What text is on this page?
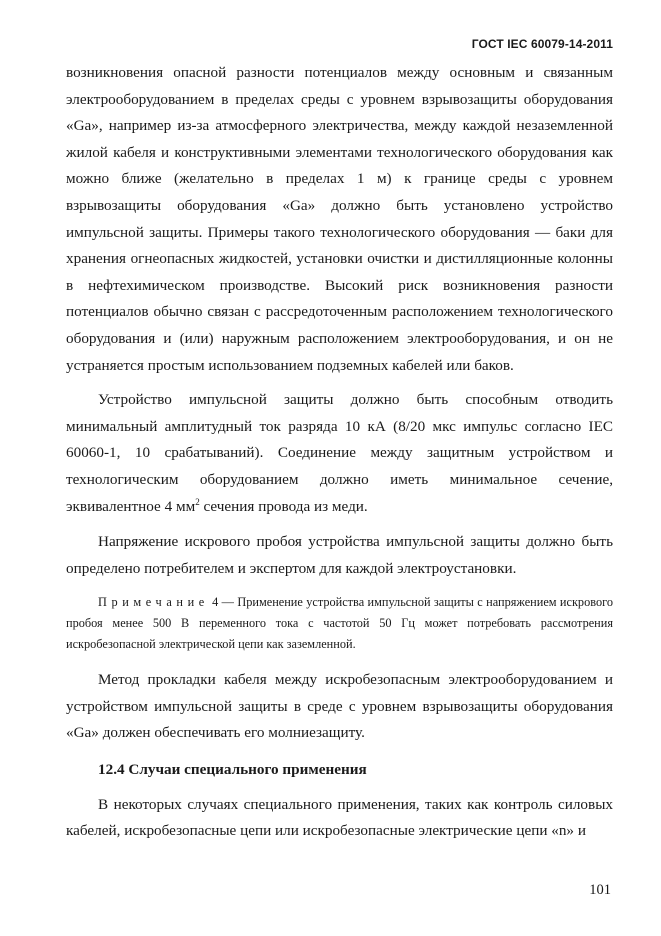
ГОСТ IEC 60079-14-2011

возникновения опасной разности потенциалов между основным и связанным электрооборудованием в пределах среды с уровнем взрывозащиты оборудования «Ga», например из-за атмосферного электричества, между каждой незаземленной жилой кабеля и конструктивными элементами технологического оборудования как можно ближе (желательно в пределах 1 м) к границе среды с уровнем взрывозащиты оборудования «Ga» должно быть установлено устройство импульсной защиты. Примеры такого технологического оборудования — баки для хранения огнеопасных жидкостей, установки очистки и дистилляционные колонны в нефтехимическом производстве. Высокий риск возникновения разности потенциалов обычно связан с рассредоточенным расположением технологического оборудования и (или) наружным расположением электрооборудования, и он не устраняется простым использованием подземных кабелей или баков.

Устройство импульсной защиты должно быть способным отводить минимальный амплитудный ток разряда 10 кА (8/20 мкс импульс согласно IEC 60060-1, 10 срабатываний). Соединение между защитным устройством и технологическим оборудованием должно иметь минимальное сечение, эквивалентное 4 $мм^2$ сечения провода из меди.

Напряжение искрового пробоя устройства импульсной защиты должно быть определено потребителем и экспертом для каждой электроустановки.

Примечание 4 — Применение устройства импульсной защиты с напряжением искрового пробоя менее 500 В переменного тока с частотой 50 Гц может потребовать рассмотрения искробезопасной электрической цепи как заземленной.

Метод прокладки кабеля между искробезопасным электрооборудованием и устройством импульсной защиты в среде с уровнем взрывозащиты оборудования «Ga» должен обеспечивать его молниезащиту.

12.4 Случаи специального применения

В некоторых случаях специального применения, таких как контроль силовых кабелей, искробезопасные цепи или искробезопасные электрические цепи «n» и

101
